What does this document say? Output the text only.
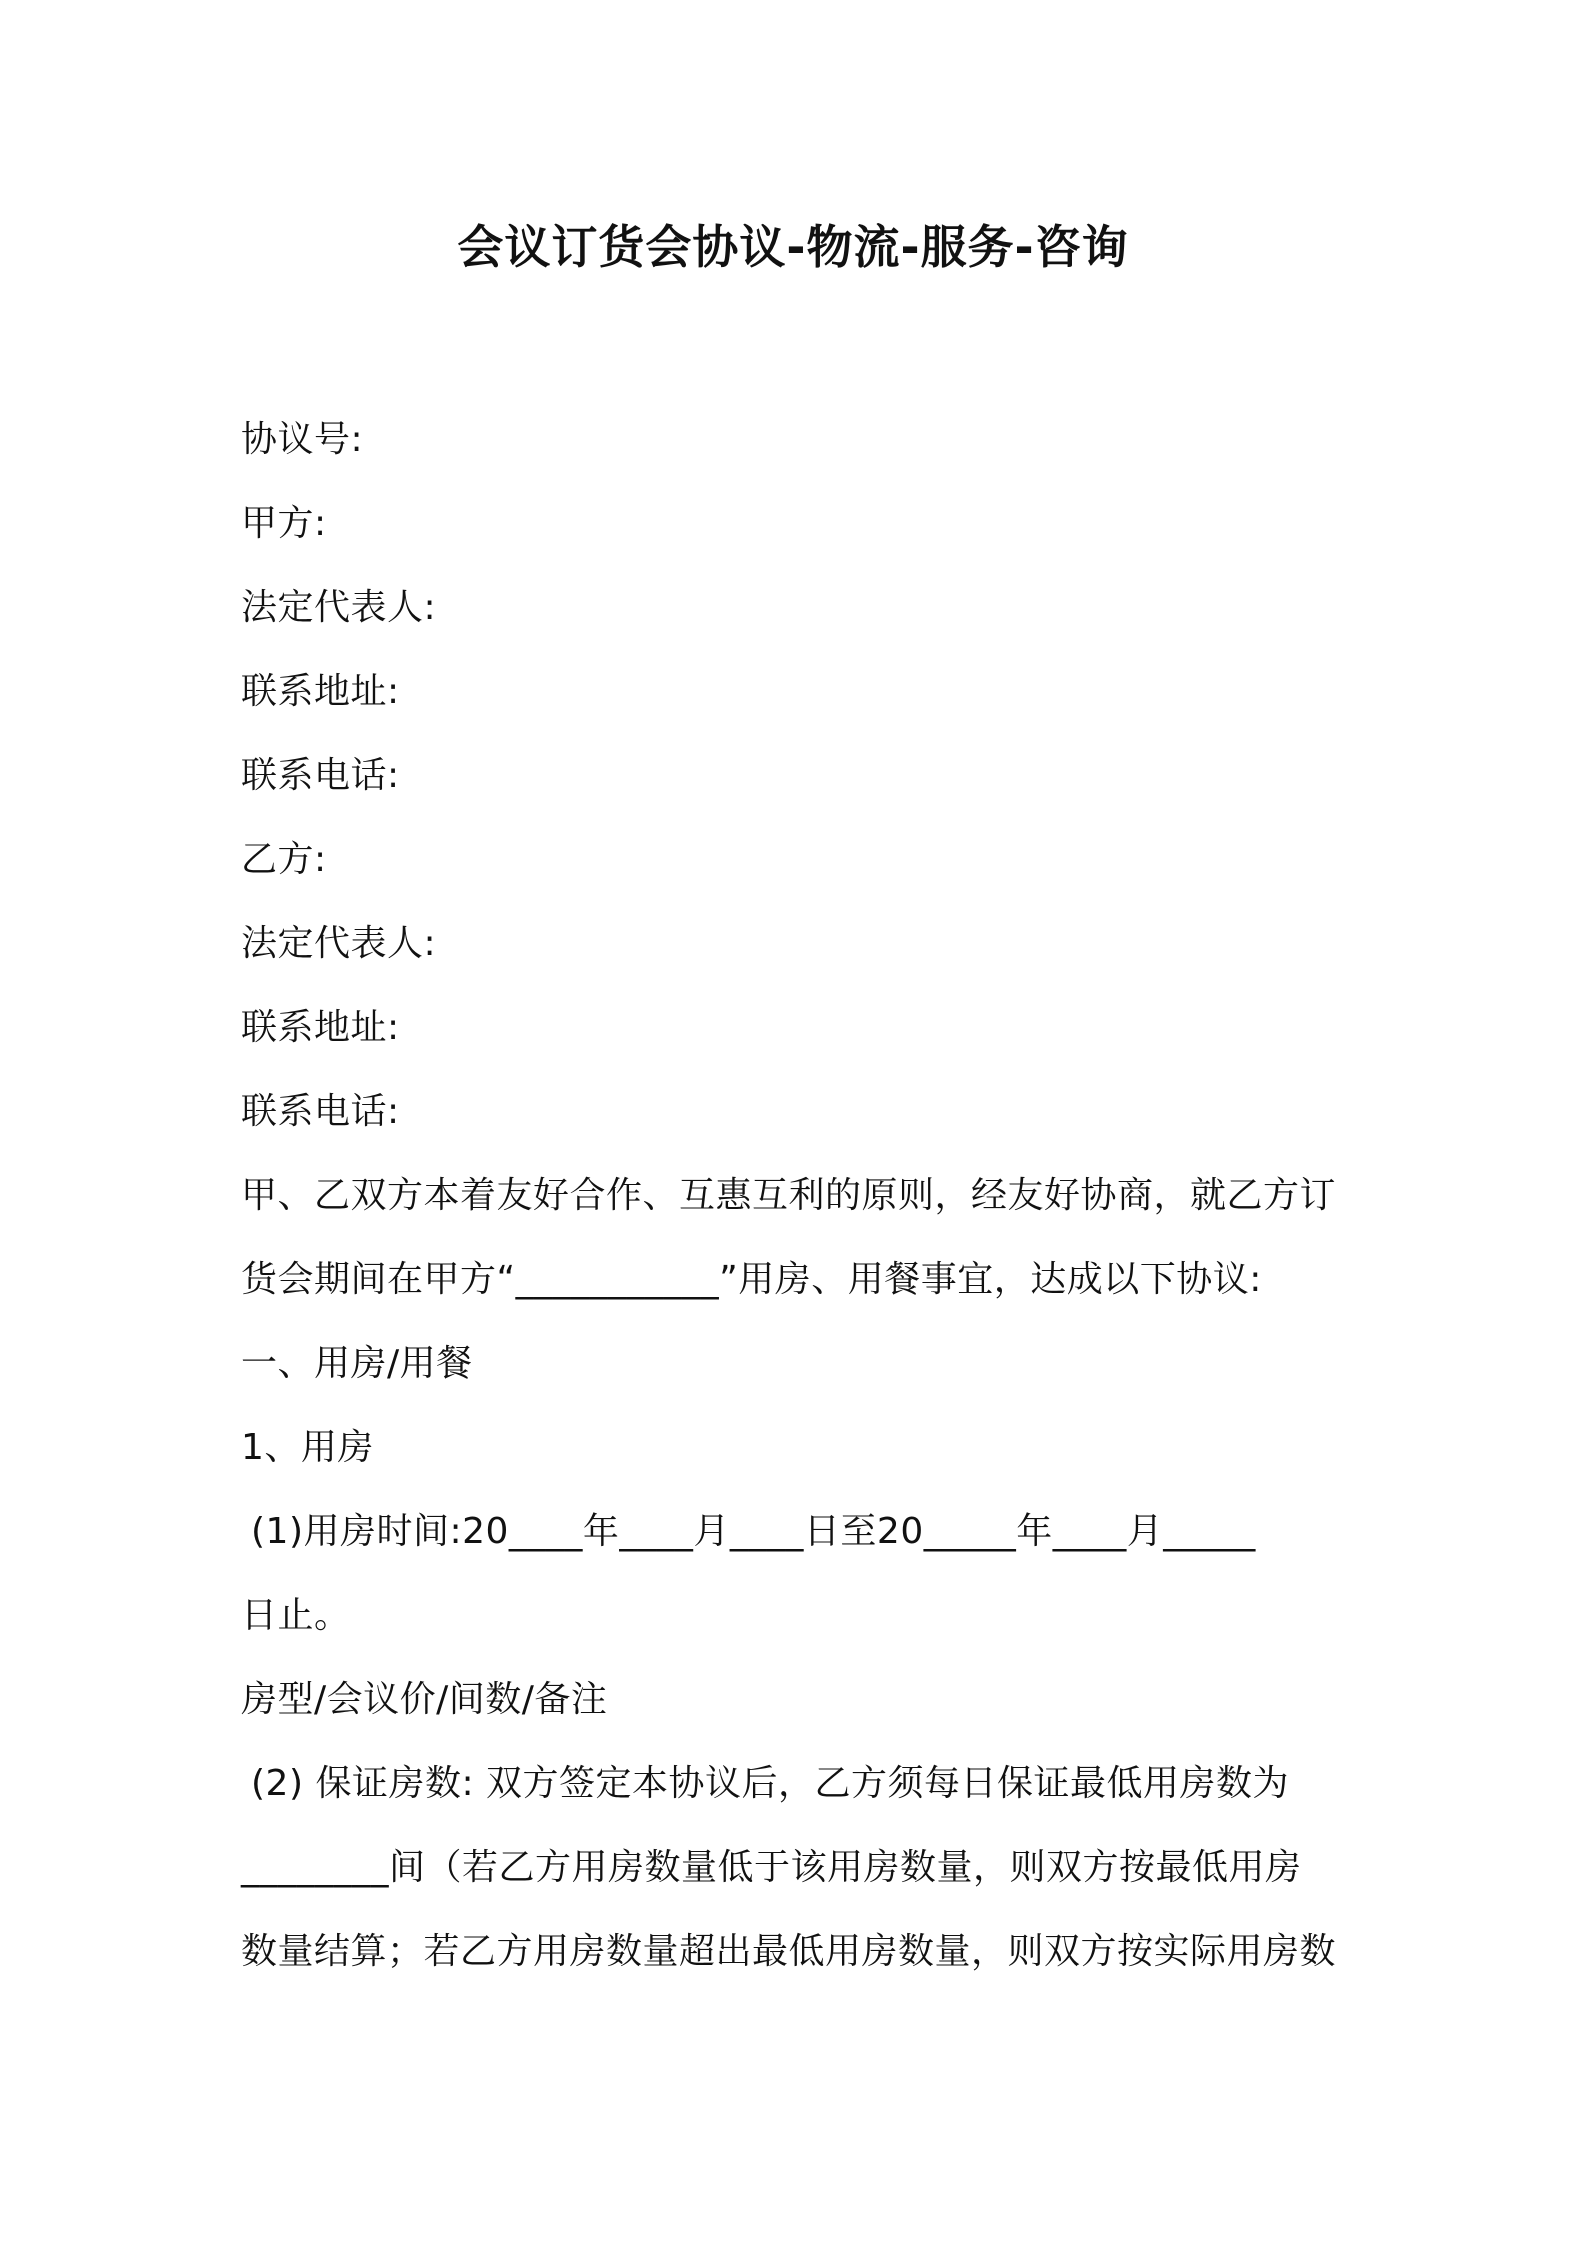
会议订货会协议-物流-服务-咨询
协议号:
甲方:
法定代表人:
联系地址:
联系电话:
乙方:
法定代表人:
联系地址:
联系电话:
甲、乙双方本着友好合作、互惠互利的原则，经友好协商，就乙方订
货会期间在甲方“___________”用房、用餐事宜，达成以下协议:
一、用房/用餐
1、用房
(1)用房时间:20____年____月____日至20_____年____月_____
日止。
房型/会议价/间数/备注
(2) 保证房数: 双方签定本协议后，乙方须每日保证最低用房数为
________间（若乙方用房数量低于该用房数量，则双方按最低用房
数量结算；若乙方用房数量超出最低用房数量，则双方按实际用房数
